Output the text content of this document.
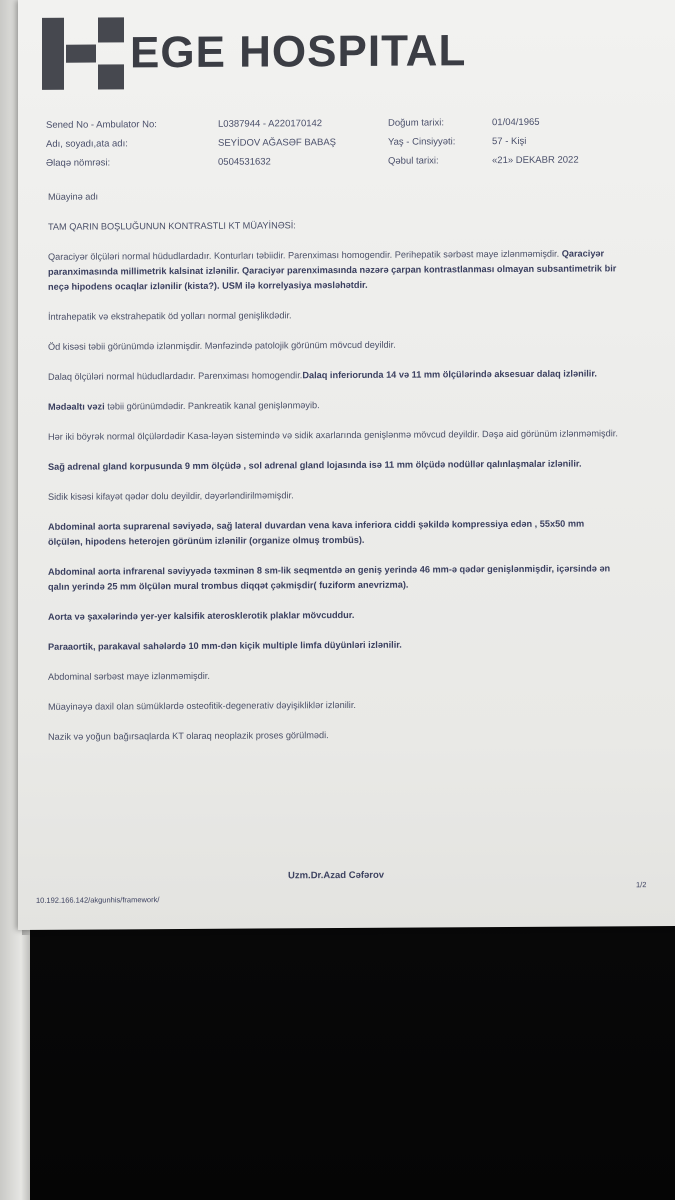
EGE HOSPITAL
Sened No - Ambulator No:	L0387944 - A220170142	Doğum tarixi:	01/04/1965
Adı, soyadı,ata adı:	SEYİDOV AĞASƏF BABAŞ	Yaş - Cinsiyyəti:	57 - Kişi
Əlaqə nömrəsi:	0504531632	Qəbul tarixi:	«21» DEKABR 2022

Müayinə adı

TAM QARIN BOŞLUĞUNUN KONTRASTLI KT MÜAYİNƏSİ:

Qaraciyər ölçüləri normal hüdudlardadır. Konturları təbiidir. Parenximası homogendir. Perihepatik sərbəst maye izlənməmişdir. Qaraciyər paranximasında millimetrik kalsinat izlənilir. Qaraciyər parenximasında nəzərə çarpan kontrastlanması olmayan subsantimetrik bir neçə hipodens ocaqlar izlənilir (kista?). USM ilə korrelyasiya məsləhətdir.

İntrahepatik və ekstrahepatik öd yolları normal genişlikdədir.

Öd kisəsi təbii görünümdə izlənmişdir. Mənfəzində patolojik görünüm mövcud deyildir.

Dalaq ölçüləri normal hüdudlardadır. Parenximası homogendir.Dalaq inferiorunda 14 və 11 mm ölçülərində aksesuar dalaq izlənilir.

Mədəaltı vəzi təbii görünümdədir. Pankreatik kanal genişlənməyib.

Hər iki böyrək normal ölçülərdədir Kasa-ləyən sistemində və sidik axarlarında genişlənmə mövcud deyildir. Dəşə aid görünüm izlənməmişdir.

Sağ adrenal gland korpusunda 9 mm ölçüdə , sol adrenal gland lojasında isə 11 mm ölçüdə nodüllər qalınlaşmalar izlənilir.

Sidik kisəsi kifayət qədər dolu deyildir, dəyərləndirilməmişdir.

Abdominal aorta suprarenal səviyədə, sağ lateral duvardan vena kava inferiora ciddi şəkildə kompressiya edən , 55x50 mm ölçülən, hipodens heterojen görünüm izlənilir (organize olmuş trombüs).

Abdominal aorta infrarenal səviyyədə təxminən 8 sm-lik seqmentdə ən geniş yerində 46 mm-ə qədər genişlənmişdir, içərsində ən qalın yerində 25 mm ölçülən mural trombus diqqət çəkmişdir( fuziform anevrizma).

Aorta və şaxələrində yer-yer kalsifik aterosklerotik plaklar mövcuddur.

Paraaortik, parakaval sahələrdə 10 mm-dən kiçik multiple limfa düyünləri izlənilir.

Abdominal sərbəst maye izlənməmişdir.

Müayinəyə daxil olan sümüklərdə osteofitik-degenerativ dəyişikliklər izlənilir.

Nazik və yoğun bağırsaqlarda KT olaraq neoplazik proses görülmədi.

Uzm.Dr.Azad Cəfərov
1/2
10.192.166.142/akgunhis/framework/
